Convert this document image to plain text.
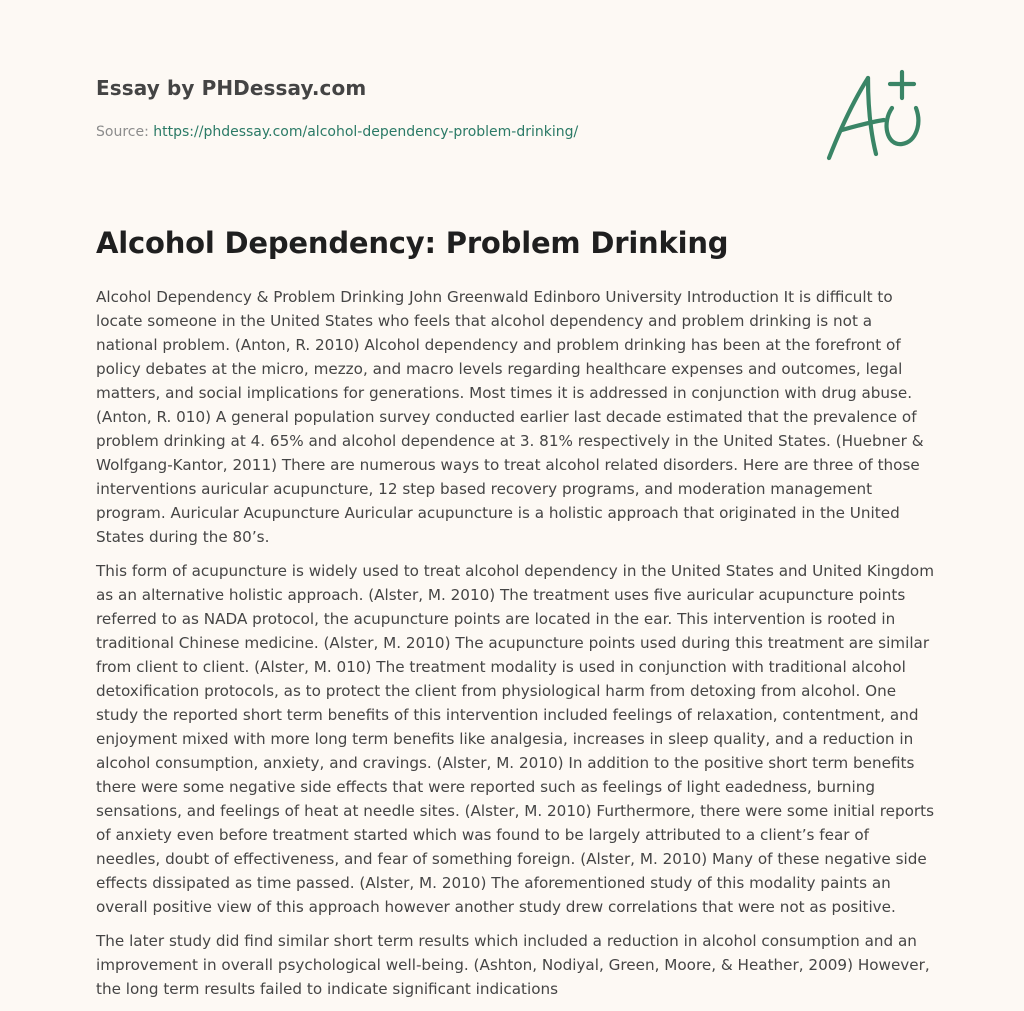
Essay by PHDessay.com
Source: https://phdessay.com/alcohol-dependency-problem-drinking/
Alcohol Dependency: Problem Drinking

Alcohol Dependency & Problem Drinking John Greenwald Edinboro University Introduction It is difficult to locate someone in the United States who feels that alcohol dependency and problem drinking is not a national problem. (Anton, R. 2010) Alcohol dependency and problem drinking has been at the forefront of policy debates at the micro, mezzo, and macro levels regarding healthcare expenses and outcomes, legal matters, and social implications for generations. Most times it is addressed in conjunction with drug abuse. (Anton, R. 010) A general population survey conducted earlier last decade estimated that the prevalence of problem drinking at 4. 65% and alcohol dependence at 3. 81% respectively in the United States. (Huebner & Wolfgang-Kantor, 2011) There are numerous ways to treat alcohol related disorders. Here are three of those interventions auricular acupuncture, 12 step based recovery programs, and moderation management program. Auricular Acupuncture Auricular acupuncture is a holistic approach that originated in the United States during the 80’s.

This form of acupuncture is widely used to treat alcohol dependency in the United States and United Kingdom as an alternative holistic approach. (Alster, M. 2010) The treatment uses five auricular acupuncture points referred to as NADA protocol, the acupuncture points are located in the ear. This intervention is rooted in traditional Chinese medicine. (Alster, M. 2010) The acupuncture points used during this treatment are similar from client to client. (Alster, M. 010) The treatment modality is used in conjunction with traditional alcohol detoxification protocols, as to protect the client from physiological harm from detoxing from alcohol. One study the reported short term benefits of this intervention included feelings of relaxation, contentment, and enjoyment mixed with more long term benefits like analgesia, increases in sleep quality, and a reduction in alcohol consumption, anxiety, and cravings. (Alster, M. 2010) In addition to the positive short term benefits there were some negative side effects that were reported such as feelings of light eadedness, burning sensations, and feelings of heat at needle sites. (Alster, M. 2010) Furthermore, there were some initial reports of anxiety even before treatment started which was found to be largely attributed to a client’s fear of needles, doubt of effectiveness, and fear of something foreign. (Alster, M. 2010) Many of these negative side effects dissipated as time passed. (Alster, M. 2010) The aforementioned study of this modality paints an overall positive view of this approach however another study drew correlations that were not as positive.

The later study did find similar short term results which included a reduction in alcohol consumption and an improvement in overall psychological well-being. (Ashton, Nodiyal, Green, Moore, & Heather, 2009) However, the long term results failed to indicate significant indications
